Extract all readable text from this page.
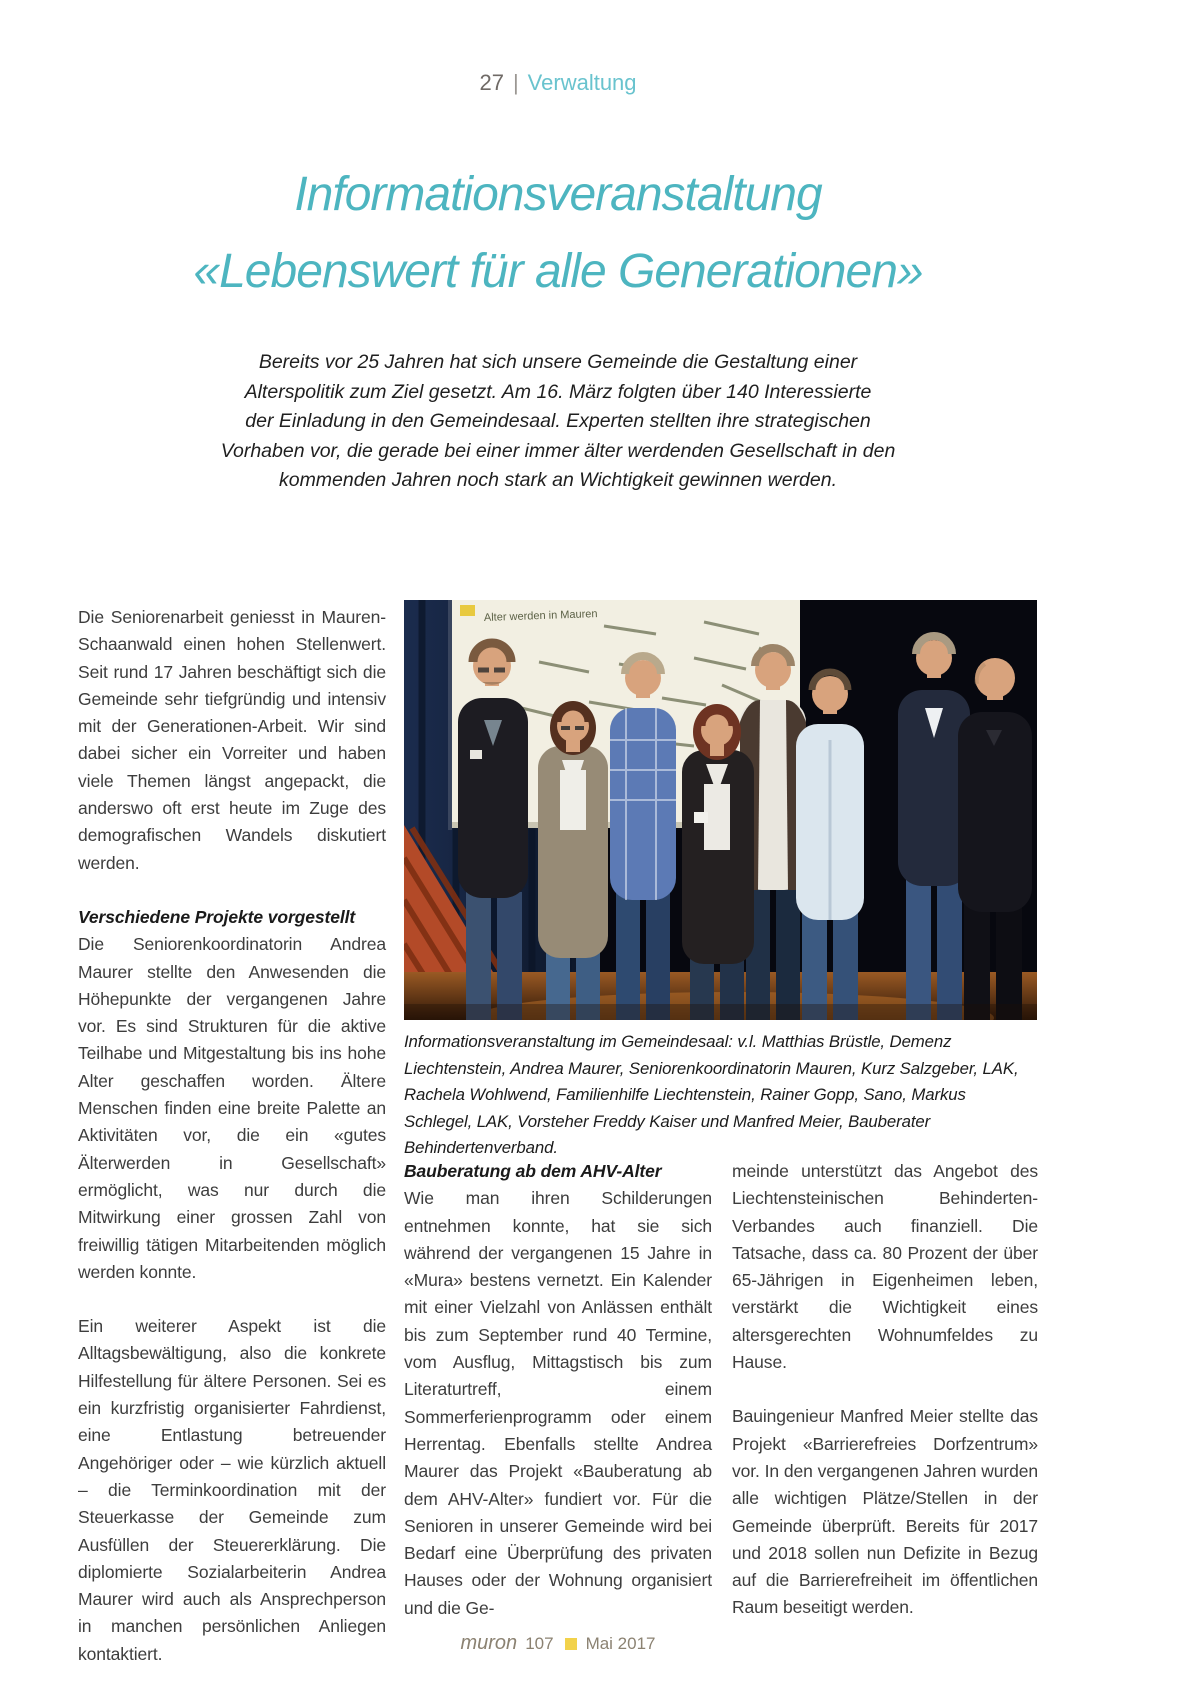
27 | Verwaltung
Informationsveranstaltung
«Lebenswert für alle Generationen»
Bereits vor 25 Jahren hat sich unsere Gemeinde die Gestaltung einer
Alterspolitik zum Ziel gesetzt. Am 16. März folgten über 140 Interessierte
der Einladung in den Gemeindesaal. Experten stellten ihre strategischen
Vorhaben vor, die gerade bei einer immer älter werdenden Gesellschaft in den
kommenden Jahren noch stark an Wichtigkeit gewinnen werden.

Die Seniorenarbeit geniesst in Mauren-Schaanwald einen hohen Stellenwert. Seit rund 17 Jahren beschäftigt sich die Gemeinde sehr tiefgründig und intensiv mit der Generationen-Arbeit. Wir sind dabei sicher ein Vorreiter und haben viele Themen längst angepackt, die anderswo oft erst heute im Zuge des demografischen Wandels diskutiert werden.

Verschiedene Projekte vorgestellt

Die Seniorenkoordinatorin Andrea Maurer stellte den Anwesenden die Höhepunkte der vergangenen Jahre vor. Es sind Strukturen für die aktive Teilhabe und Mitgestaltung bis ins hohe Alter geschaffen worden. Ältere Menschen finden eine breite Palette an Aktivitäten vor, die ein «gutes Älterwerden in Gesellschaft» ermöglicht, was nur durch die Mitwirkung einer grossen Zahl von freiwillig tätigen Mitarbeitenden möglich werden konnte.

Ein weiterer Aspekt ist die Alltagsbewältigung, also die konkrete Hilfestellung für ältere Personen. Sei es ein kurzfristig organisierter Fahrdienst, eine Entlastung betreuender Angehöriger oder – wie kürzlich aktuell – die Terminkoordination mit der Steuerkasse der Gemeinde zum Ausfüllen der Steuererklärung. Die diplomierte Sozialarbeiterin Andrea Maurer wird auch als Ansprechperson in manchen persönlichen Anliegen kontaktiert.

Alter werden in Mauren
Informationsveranstaltung im Gemeindesaal: v.l. Matthias Brüstle, Demenz Liechtenstein, Andrea Maurer, Seniorenkoordinatorin Mauren, Kurz Salzgeber, LAK, Rachela Wohlwend, Familienhilfe Liechtenstein, Rainer Gopp, Sano, Markus Schlegel, LAK, Vorsteher Freddy Kaiser und Manfred Meier, Bauberater Behindertenverband.
Bauberatung ab dem AHV-Alter

Wie man ihren Schilderungen entnehmen konnte, hat sie sich während der vergangenen 15 Jahre in «Mura» bestens vernetzt. Ein Kalender mit einer Vielzahl von Anlässen enthält bis zum September rund 40 Termine, vom Ausflug, Mittagstisch bis zum Literaturtreff, einem Sommerferienprogramm oder einem Herrentag. Ebenfalls stellte Andrea Maurer das Projekt «Bauberatung ab dem AHV-Alter» fundiert vor. Für die Senioren in unserer Gemeinde wird bei Bedarf eine Überprüfung des privaten Hauses oder der Wohnung organisiert und die Ge-

meinde unterstützt das Angebot des Liechtensteinischen Behinderten-Verbandes auch finanziell. Die Tatsache, dass ca. 80 Prozent der über 65-Jährigen in Eigenheimen leben, verstärkt die Wichtigkeit eines altersgerechten Wohnumfeldes zu Hause.

Bauingenieur Manfred Meier stellte das Projekt «Barrierefreies Dorfzentrum» vor. In den vergangenen Jahren wurden alle wichtigen Plätze/Stellen in der Gemeinde überprüft. Bereits für 2017 und 2018 sollen nun Defizite in Bezug auf die Barrierefreiheit im öffentlichen Raum beseitigt werden.

muron 107 Mai 2017
